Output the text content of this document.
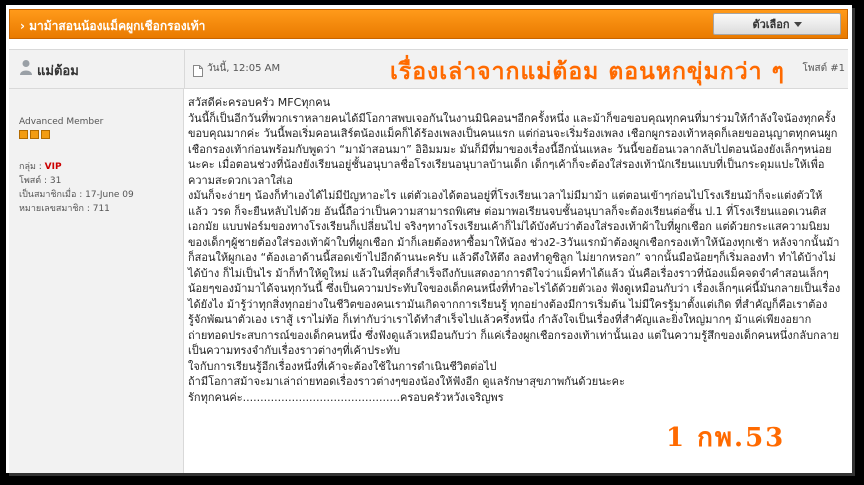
› มาม้าสอนน้องแม็คผูกเชือกรองเท้า	ตัวเลือก
แม่ต้อม	วันนี้, 12:05 AM	เรื่องเล่าจากแม่ต้อม ตอนหกขุ่มกว่า ๆ โพสต์ #1
Advanced Member
กลุ่ม : VIP
โพสต์ : 31
เป็นสมาชิกเมื่อ : 17-June 09
หมายเลขสมาชิก : 711

สวัสดีค่ะครอบครัว MFCทุกคน

วันนี้ก็เป็นอีกวันที่พวกเราหลายคนได้มีโอกาสพบเจอกันในงานมินิคอนฯอีกครั้งหนึ่ง และม้าก็ขอขอบคุณทุกคนที่มาร่วมให้กำลังใจน้องทุกครั้ง ขอบคุณมากค่ะ วันนี้พอเริ่มคอนเสิร์ตน้องแม็คก็ได้ร้องเพลงเป็นคนแรก แต่ก่อนจะเริ่มร้องเพลง เชือกผูกรองเท้าหลุดก็เลยขออนุญาตทุกคนผูกเชือกรองเท้าก่อนพร้อมกับพูดว่า “มาม้าสอนมา” อิอิมมมะ มันก็มีที่มาของเรื่องนี้อีกนั่นแหละ วันนี้ขอย้อนเวลากลับไปตอนน้องยังเล็กๆหน่อยนะคะ เมื่อตอนช่วงที่น้องยังเรียนอยู่ชั้นอนุบาลชื่อโรงเรียนอนุบาลบ้านเด็ก เด็กๆเค้าก็จะต้องใส่รองเท้านักเรียนแบบที่เป็นกระดุมแปะให้เพื่อความสะดวกเวลาใส่เอ

งมันก็จะง่ายๆ น้องก็ทำเองได้ไม่มีปัญหาอะไร แต่ตัวเองได้ตอนอยู่ที่โรงเรียนเวลาไม่มีมาม้า แต่ตอนเข้าๆก่อนไปโรงเรียนม้าก็จะแต่งตัวให้ แล้ว วรด ก็จะยืนหลับไปด้วย อันนี้ถือว่าเป็นความสามารถพิเศษ ต่อมาพอเรียนจบชั้นอนุบาลก็จะต้องเรียนต่อชั้น ป.1 ที่โรงเรียนแอดเวนติสเอกมัย แบบฟอร์มของทางโรงเรียนก็เปลี่ยนไป จริงๆทางโรงเรียนเค้าก็ไม่ได้บังคับว่าต้องใส่รองเท้าผ้าใบที่ผูกเชือก แต่ด้วยกระแสความนิยมของเด็กๆผู้ชายต้องใส่รองเท้าผ้าใบที่ผูกเชือก ม้าก็เลยต้องหาซื้อมาให้น้อง ช่วง2-3วันแรกม้าต้องผูกเชือกรองเท้าให้น้องทุกเช้า หลังจากนั้นม้าก็สอนให้ผูกเอง “ต้องเอาด้านนี้สอดเข้าไปอีกด้านนะครับ แล้วดึงให้ตึง ลองทำดูซิลูก ไม่ยากหรอก” จากนั้นมือน้อยๆก็เริ่มลองทำ ทำได้บ้างไม่ได้บ้าง ก็ไม่เป็นไร ม้าก็ทำให้ดูใหม่ แล้วในที่สุดก็สำเร็จถึงกับแสดงอาการดีใจว่าแม็คทำได้แล้ว นั่นคือเรื่องราวที่น้องแม็คจดจำคำสอนเล็กๆน้อยๆของม้ามาได้จนทุกวันนี้ ซึ่งเป็นความประทับใจของเด็กคนหนึ่งที่ทำอะไรได้ด้วยตัวเอง ฟังดูเหมือนกับว่า เรื่องเล็กๆแค่นี้มันกลายเป็นเรื่องได้ยังไง ม้ารู้ว่าทุกสิ่งทุกอย่างในชีวิตของคนเรามันเกิดจากการเรียนรู้ ทุกอย่างต้องมีการเริ่มต้น ไม่มีใครรู้มาตั้งแต่เกิด ที่สำคัญก็คือเราต้องรู้จักพัฒนาตัวเอง เราสู้ เราไม่ท้อ ก็เท่ากับว่าเราได้ทำสำเร็จไปแล้วครึ่งหนึ่ง กำลังใจเป็นเรื่องที่สำคัญและยิ่งใหญ่มากๆ ม้าแค่เพียงอยากถ่ายทอดประสบการณ์ของเด็กคนหนึ่ง ซึ่งฟังดูแล้วเหมือนกับว่า ก็แค่เรื่องผูกเชือกรองเท้าเท่านั้นเอง แต่ในความรู้สึกของเด็กคนหนึ่งกลับกลายเป็นความทรงจำกับเรื่องราวต่างๆที่เค้าประทับ

ใจกับการเรียนรู้อีกเรื่องหนึ่งที่เค้าจะต้องใช้ในการดำเนินชีวิตต่อไป

ถ้ามีโอกาสม้าจะมาเล่าถ่ายทอดเรื่องราวต่างๆของน้องให้ฟังอีก ดูแลรักษาสุขภาพกันด้วยนะคะ

รักทุกคนค่ะ.............................................ครอบครัวหวังเจริญพร

1 กพ.53
